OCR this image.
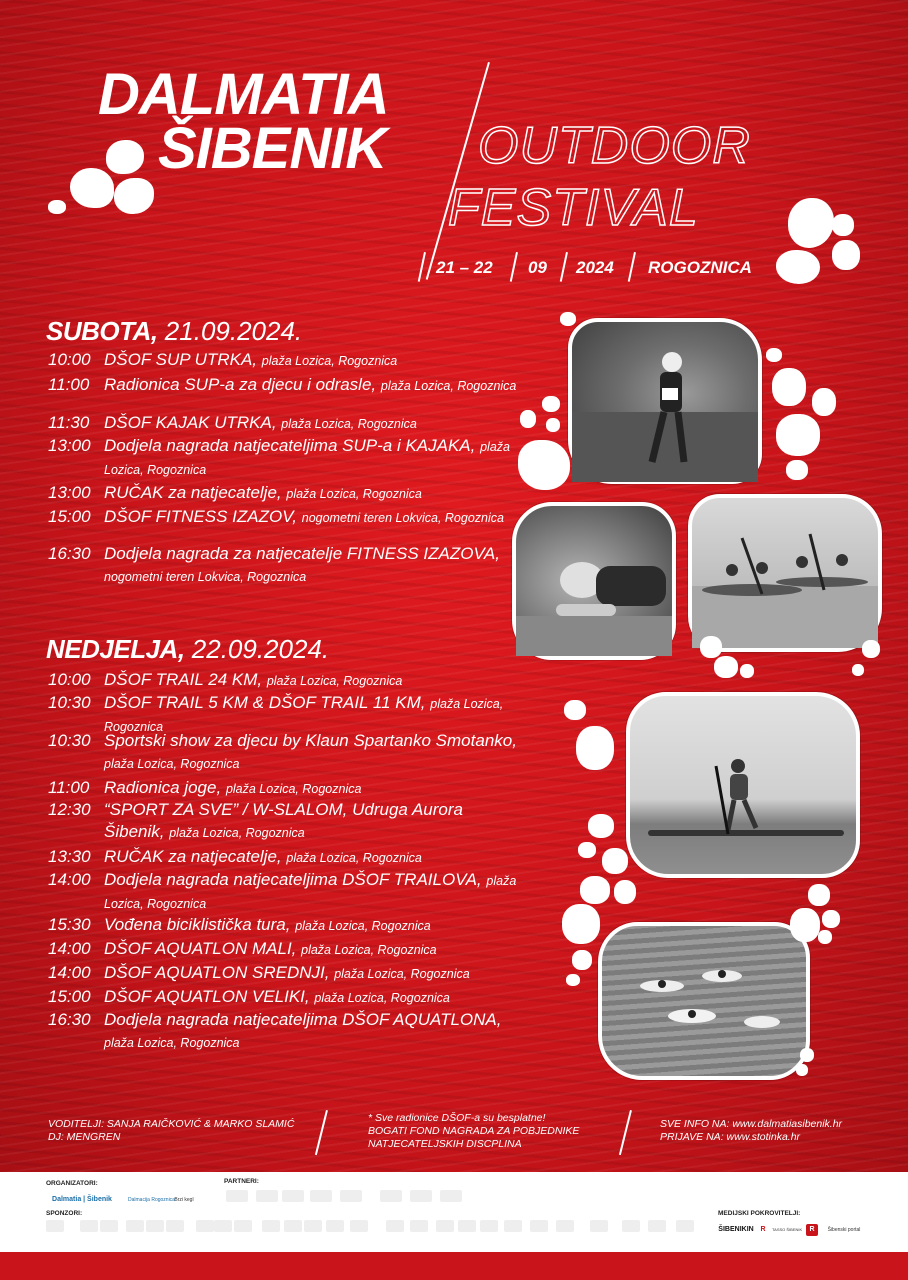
DALMATIA
ŠIBENIK OUTDOOR
FESTIVAL
21 – 22 09 2024 ROGOZNICA
SUBOTA, 21.09.2024.
10:00 DŠOF SUP UTRKA, plaža Lozica, Rogoznica
11:00 Radionica SUP-a za djecu i odrasle, plaža Lozica, Rogoznica
11:30 DŠOF KAJAK UTRKA, plaža Lozica, Rogoznica
13:00 Dodjela nagrada natjecateljima SUP-a i KAJAKA, plaža Lozica, Rogoznica
13:00 RUČAK za natjecatelje, plaža Lozica, Rogoznica
15:00 DŠOF FITNESS IZAZOV, nogometni teren Lokvica, Rogoznica
16:30 Dodjela nagrada za natjecatelje FITNESS IZAZOVA, nogometni teren Lokvica, Rogoznica
NEDJELJA, 22.09.2024.
10:00 DŠOF TRAIL 24 KM, plaža Lozica, Rogoznica
10:30 DŠOF TRAIL 5 KM & DŠOF TRAIL 11 KM, plaža Lozica, Rogoznica
10:30 Sportski show za djecu by Klaun Spartanko Smotanko, plaža Lozica, Rogoznica
11:00 Radionica joge, plaža Lozica, Rogoznica
12:30 “SPORT ZA SVE” / W-SLALOM, Udruga Aurora Šibenik, plaža Lozica, Rogoznica
13:30 RUČAK za natjecatelje, plaža Lozica, Rogoznica
14:00 Dodjela nagrada natjecateljima DŠOF TRAILOVA, plaža Lozica, Rogoznica
15:30 Vođena biciklistička tura, plaža Lozica, Rogoznica
14:00 DŠOF AQUATLON MALI, plaža Lozica, Rogoznica
14:00 DŠOF AQUATLON SREDNJI, plaža Lozica, Rogoznica
15:00 DŠOF AQUATLON VELIKI, plaža Lozica, Rogoznica
16:30 Dodjela nagrada natjecateljima DŠOF AQUATLONA, plaža Lozica, Rogoznica
VODITELJI: SANJA RAIČKOVIĆ & MARKO SLAMIĆ
DJ: MENGREN
* Sve radionice DŠOF-a su besplatne!
BOGATI FOND NAGRADA ZA POBJEDNIKE
NATJECATELJSKIH DISCPLINA
SVE INFO NA: www.dalmatiasibenik.hr
PRIJAVE NA: www.stotinka.hr
ORGANIZATORI:	PARTNERI:
SPONZORI:	MEDIJSKI POKROVITELJI:
Dalmatia | Šibenik	Dalmacija Rogoznica Brzi kegl
ŠIBENIKIN R	TASSO ŠIBENIK	R	Šibenski portal
